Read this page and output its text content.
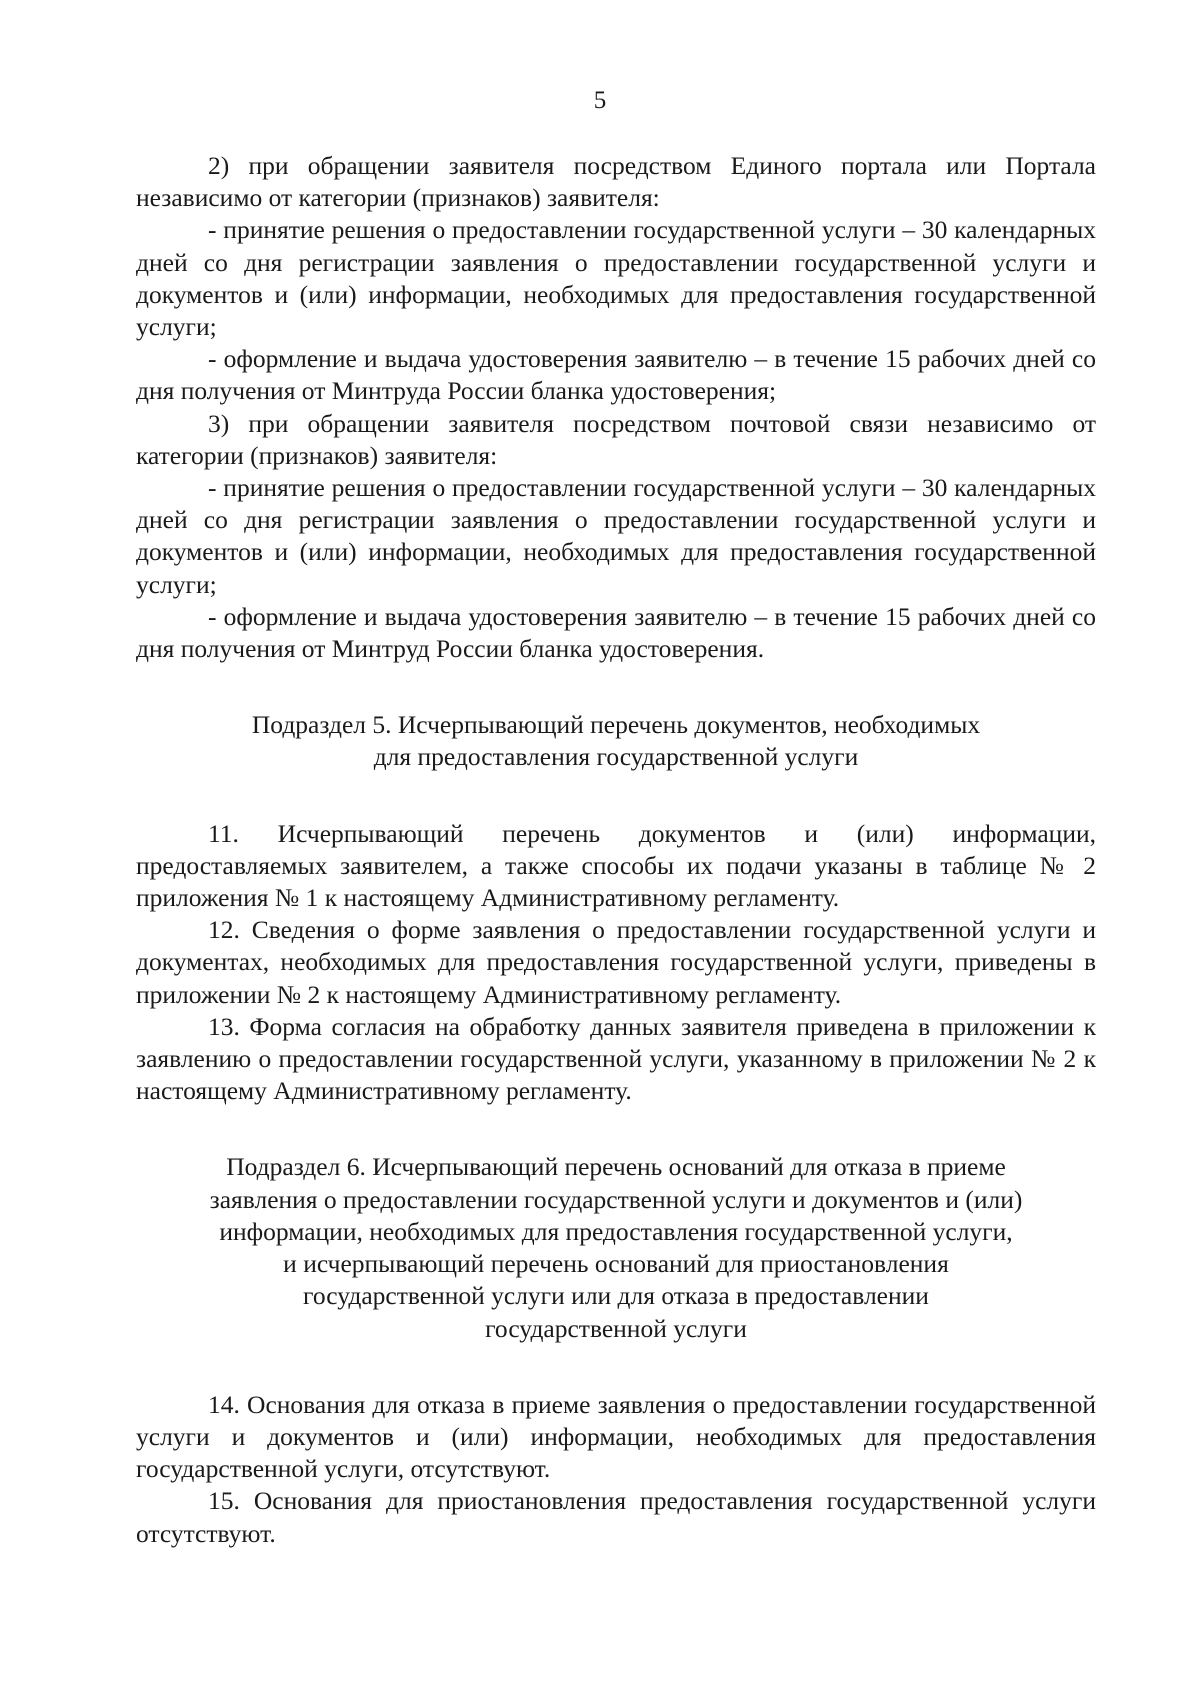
5

2) при обращении заявителя посредством Единого портала или Портала независимо от категории (признаков) заявителя:

- принятие решения о предоставлении государственной услуги – 30 календарных дней со дня регистрации заявления о предоставлении государственной услуги и документов и (или) информации, необходимых для предоставления государственной услуги;

- оформление и выдача удостоверения заявителю – в течение 15 рабочих дней со дня получения от Минтруда России бланка удостоверения;

3) при обращении заявителя посредством почтовой связи независимо от категории (признаков) заявителя:

- принятие решения о предоставлении государственной услуги – 30 календарных дней со дня регистрации заявления о предоставлении государственной услуги и документов и (или) информации, необходимых для предоставления государственной услуги;

- оформление и выдача удостоверения заявителю – в течение 15 рабочих дней со дня получения от Минтруд России бланка удостоверения.

Подраздел 5. Исчерпывающий перечень документов, необходимых
для предоставления государственной услуги

11. Исчерпывающий перечень документов и (или) информации, предоставляемых заявителем, а также способы их подачи указаны в таблице № 2 приложения № 1 к настоящему Административному регламенту.

12. Сведения о форме заявления о предоставлении государственной услуги и документах, необходимых для предоставления государственной услуги, приведены в приложении № 2 к настоящему Административному регламенту.

13. Форма согласия на обработку данных заявителя приведена в приложении к заявлению о предоставлении государственной услуги, указанному в приложении № 2 к настоящему Административному регламенту.

Подраздел 6. Исчерпывающий перечень оснований для отказа в приеме
заявления о предоставлении государственной услуги и документов и (или)
информации, необходимых для предоставления государственной услуги,
и исчерпывающий перечень оснований для приостановления
государственной услуги или для отказа в предоставлении
государственной услуги

14. Основания для отказа в приеме заявления о предоставлении государственной услуги и документов и (или) информации, необходимых для предоставления государственной услуги, отсутствуют.

15. Основания для приостановления предоставления государственной услуги отсутствуют.
